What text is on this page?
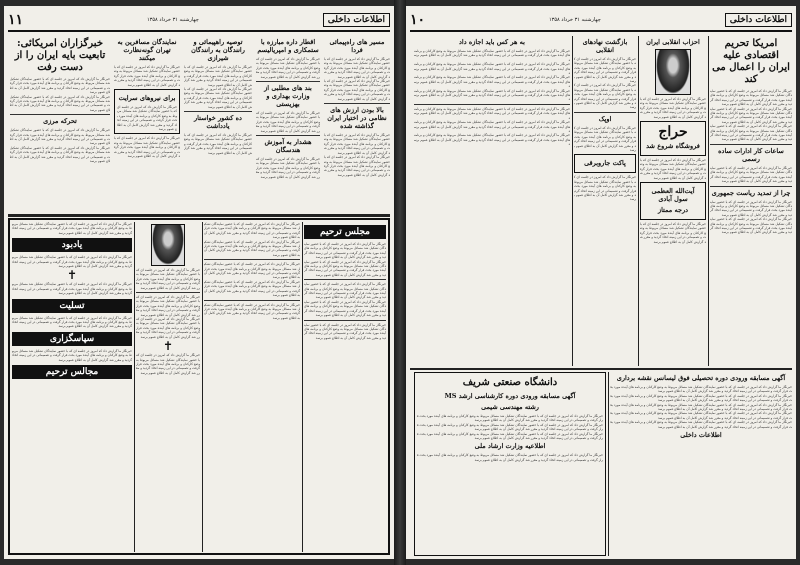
اطلاعات داخلی
چهارشنبه ۳۱ خرداد ۱۳۵۸
۱۱
مسیر های راه‌پیمائی فردا
خبرنگار ما گزارش داد که امروز در جلسه ای که با حضور نمایندگان تشکیل شد مسائل مربوط به وضع کارکنان و برنامه های آینده مورد بحث قرار گرفت و تصمیماتی در این زمینه اتخاذ گردید و مقرر شد گزارش کامل آن به اطلاع عموم برسد
خبرنگار ما گزارش داد که امروز در جلسه ای که با حضور نمایندگان تشکیل شد مسائل مربوط به وضع کارکنان و برنامه های آینده مورد بحث قرار گرفت و تصمیماتی در این زمینه اتخاذ گردید و مقرر شد گزارش کامل آن به اطلاع عموم برسد
بالا بودن ارزش های نظامی در اختیار ایران گذاشته شده
خبرنگار ما گزارش داد که امروز در جلسه ای که با حضور نمایندگان تشکیل شد مسائل مربوط به وضع کارکنان و برنامه های آینده مورد بحث قرار گرفت و تصمیماتی در این زمینه اتخاذ گردید و مقرر شد گزارش کامل آن به اطلاع عموم برسد
خبرنگار ما گزارش داد که امروز در جلسه ای که با حضور نمایندگان تشکیل شد مسائل مربوط به وضع کارکنان و برنامه های آینده مورد بحث قرار گرفت و تصمیماتی در این زمینه اتخاذ گردید و مقرر شد گزارش کامل آن به اطلاع عموم برسد
اقطار داره مبارزه با ستمکارى و امپریالیسم
خبرنگار ما گزارش داد که امروز در جلسه ای که با حضور نمایندگان تشکیل شد مسائل مربوط به وضع کارکنان و برنامه های آینده مورد بحث قرار گرفت و تصمیماتی در این زمینه اتخاذ گردید و مقرر شد گزارش کامل آن به اطلاع عموم برسد
بند های مطلبی از وزارت بهداری و بهزیستی
خبرنگار ما گزارش داد که امروز در جلسه ای که با حضور نمایندگان تشکیل شد مسائل مربوط به وضع کارکنان و برنامه های آینده مورد بحث قرار گرفت و تصمیماتی در این زمینه اتخاذ گردید و مقرر شد گزارش کامل آن به اطلاع عموم برسد
هشدار به آموزش هندسگان
خبرنگار ما گزارش داد که امروز در جلسه ای که با حضور نمایندگان تشکیل شد مسائل مربوط به وضع کارکنان و برنامه های آینده مورد بحث قرار گرفت و تصمیماتی در این زمینه اتخاذ گردید و مقرر شد گزارش کامل آن به اطلاع عموم برسد
توصیه راهپیمائی و رانندگان به رانندگان شیرازی
خبرنگار ما گزارش داد که امروز در جلسه ای که با حضور نمایندگان تشکیل شد مسائل مربوط به وضع کارکنان و برنامه های آینده مورد بحث قرار گرفت و تصمیماتی در این زمینه اتخاذ گردید و مقرر شد گزارش کامل آن به اطلاع عموم برسد
خبرنگار ما گزارش داد که امروز در جلسه ای که با حضور نمایندگان تشکیل شد مسائل مربوط به وضع کارکنان و برنامه های آینده مورد بحث قرار گرفت و تصمیماتی در این زمینه اتخاذ گردید و مقرر شد گزارش کامل آن به اطلاع عموم برسد
ده کشور خواستار یادداشت
خبرنگار ما گزارش داد که امروز در جلسه ای که با حضور نمایندگان تشکیل شد مسائل مربوط به وضع کارکنان و برنامه های آینده مورد بحث قرار گرفت و تصمیماتی در این زمینه اتخاذ گردید و مقرر شد گزارش کامل آن به اطلاع عموم برسد
نمایندگان مسافرین به تهران گونه‌نظارت میکنند
خبرنگار ما گزارش داد که امروز در جلسه ای که با حضور نمایندگان تشکیل شد مسائل مربوط به وضع کارکنان و برنامه های آینده مورد بحث قرار گرفت و تصمیماتی در این زمینه اتخاذ گردید و مقرر شد گزارش کامل آن به اطلاع عموم برسد
برای نیروهای سرایت
خبرنگار ما گزارش داد که امروز در جلسه ای که با حضور نمایندگان تشکیل شد مسائل مربوط به وضع کارکنان و برنامه های آینده مورد بحث قرار گرفت و تصمیماتی در این زمینه اتخاذ گردید و مقرر شد گزارش کامل آن به اطلاع عموم برسد
خبرنگار ما گزارش داد که امروز در جلسه ای که با حضور نمایندگان تشکیل شد مسائل مربوط به وضع کارکنان و برنامه های آینده مورد بحث قرار گرفت و تصمیماتی در این زمینه اتخاذ گردید و مقرر شد گزارش کامل آن به اطلاع عموم برسد
خبرگزاران امریکائی: تابعیت بایه ایران را از دست رفت
خبرنگار ما گزارش داد که امروز در جلسه ای که با حضور نمایندگان تشکیل شد مسائل مربوط به وضع کارکنان و برنامه های آینده مورد بحث قرار گرفت و تصمیماتی در این زمینه اتخاذ گردید و مقرر شد گزارش کامل آن به اطلاع عموم برسد
خبرنگار ما گزارش داد که امروز در جلسه ای که با حضور نمایندگان تشکیل شد مسائل مربوط به وضع کارکنان و برنامه های آینده مورد بحث قرار گرفت و تصمیماتی در این زمینه اتخاذ گردید و مقرر شد گزارش کامل آن به اطلاع عموم برسد
تحرکه مرزی
خبرنگار ما گزارش داد که امروز در جلسه ای که با حضور نمایندگان تشکیل شد مسائل مربوط به وضع کارکنان و برنامه های آینده مورد بحث قرار گرفت و تصمیماتی در این زمینه اتخاذ گردید و مقرر شد گزارش کامل آن به اطلاع عموم برسد
خبرنگار ما گزارش داد که امروز در جلسه ای که با حضور نمایندگان تشکیل شد مسائل مربوط به وضع کارکنان و برنامه های آینده مورد بحث قرار گرفت و تصمیماتی در این زمینه اتخاذ گردید و مقرر شد گزارش کامل آن به اطلاع عموم برسد
مجلس ترحیم
خبرنگار ما گزارش داد که امروز در جلسه ای که با حضور نمایندگان تشکیل شد مسائل مربوط به وضع کارکنان و برنامه های آینده مورد بحث قرار گرفت و تصمیماتی در این زمینه اتخاذ گردید و مقرر شد گزارش کامل آن به اطلاع عموم برسد
خبرنگار ما گزارش داد که امروز در جلسه ای که با حضور نمایندگان تشکیل شد مسائل مربوط به وضع کارکنان و برنامه های آینده مورد بحث قرار گرفت و تصمیماتی در این زمینه اتخاذ گردید و مقرر شد گزارش کامل آن به اطلاع عموم برسد
خبرنگار ما گزارش داد که امروز در جلسه ای که با حضور نمایندگان تشکیل شد مسائل مربوط به وضع کارکنان و برنامه های آینده مورد بحث قرار گرفت و تصمیماتی در این زمینه اتخاذ گردید و مقرر شد گزارش کامل آن به اطلاع عموم برسد
خبرنگار ما گزارش داد که امروز در جلسه ای که با حضور نمایندگان تشکیل شد مسائل مربوط به وضع کارکنان و برنامه های آینده مورد بحث قرار گرفت و تصمیماتی در این زمینه اتخاذ گردید و مقرر شد گزارش کامل آن به اطلاع عموم برسد
خبرنگار ما گزارش داد که امروز در جلسه ای که با حضور نمایندگان تشکیل شد مسائل مربوط به وضع کارکنان و برنامه های آینده مورد بحث قرار گرفت و تصمیماتی در این زمینه اتخاذ گردید و مقرر شد گزارش کامل آن به اطلاع عموم برسد
خبرنگار ما گزارش داد که امروز در جلسه ای که با حضور نمایندگان تشکیل شد مسائل مربوط به وضع کارکنان و برنامه های آینده مورد بحث قرار گرفت و تصمیماتی در این زمینه اتخاذ گردید و مقرر شد گزارش کامل آن به اطلاع عموم برسد
خبرنگار ما گزارش داد که امروز در جلسه ای که با حضور نمایندگان تشکیل شد مسائل مربوط به وضع کارکنان و برنامه های آینده مورد بحث قرار گرفت و تصمیماتی در این زمینه اتخاذ گردید و مقرر شد گزارش کامل آن به اطلاع عموم برسد
خبرنگار ما گزارش داد که امروز در جلسه ای که با حضور نمایندگان تشکیل شد مسائل مربوط به وضع کارکنان و برنامه های آینده مورد بحث قرار گرفت و تصمیماتی در این زمینه اتخاذ گردید و مقرر شد گزارش کامل آن به اطلاع عموم برسد
خبرنگار ما گزارش داد که امروز در جلسه ای که با حضور نمایندگان تشکیل شد مسائل مربوط به وضع کارکنان و برنامه های آینده مورد بحث قرار گرفت و تصمیماتی در این زمینه اتخاذ گردید و مقرر شد گزارش کامل آن به اطلاع عموم برسد
خبرنگار ما گزارش داد که امروز در جلسه ای که با حضور نمایندگان تشکیل شد مسائل مربوط به وضع کارکنان و برنامه های آینده مورد بحث قرار گرفت و تصمیماتی در این زمینه اتخاذ گردید و مقرر شد گزارش کامل آن به اطلاع عموم برسد
خبرنگار ما گزارش داد که امروز در جلسه ای که با حضور نمایندگان تشکیل شد مسائل مربوط به وضع کارکنان و برنامه های آینده مورد بحث قرار گرفت و تصمیماتی در این زمینه اتخاذ گردید و مقرر شد گزارش کامل آن به اطلاع عموم برسد
خبرنگار ما گزارش داد که امروز در جلسه ای که با حضور نمایندگان تشکیل شد مسائل مربوط به وضع کارکنان و برنامه های آینده مورد بحث قرار گرفت و تصمیماتی در این زمینه اتخاذ گردید و مقرر شد گزارش کامل آن به اطلاع عموم برسد
خبرنگار ما گزارش داد که امروز در جلسه ای که با حضور نمایندگان تشکیل شد مسائل مربوط به وضع کارکنان و برنامه های آینده مورد بحث قرار گرفت و تصمیماتی در این زمینه اتخاذ گردید و مقرر شد گزارش کامل آن به اطلاع عموم برسد
✝
خبرنگار ما گزارش داد که امروز در جلسه ای که با حضور نمایندگان تشکیل شد مسائل مربوط به وضع کارکنان و برنامه های آینده مورد بحث قرار گرفت و تصمیماتی در این زمینه اتخاذ گردید و مقرر شد گزارش کامل آن به اطلاع عموم برسد
خبرنگار ما گزارش داد که امروز در جلسه ای که با حضور نمایندگان تشکیل شد مسائل مربوط به وضع کارکنان و برنامه های آینده مورد بحث قرار گرفت و تصمیماتی در این زمینه اتخاذ گردید و مقرر شد گزارش کامل آن به اطلاع عموم برسد
یادبود
خبرنگار ما گزارش داد که امروز در جلسه ای که با حضور نمایندگان تشکیل شد مسائل مربوط به وضع کارکنان و برنامه های آینده مورد بحث قرار گرفت و تصمیماتی در این زمینه اتخاذ گردید و مقرر شد گزارش کامل آن به اطلاع عموم برسد
✝
خبرنگار ما گزارش داد که امروز در جلسه ای که با حضور نمایندگان تشکیل شد مسائل مربوط به وضع کارکنان و برنامه های آینده مورد بحث قرار گرفت و تصمیماتی در این زمینه اتخاذ گردید و مقرر شد گزارش کامل آن به اطلاع عموم برسد
تسلیت
خبرنگار ما گزارش داد که امروز در جلسه ای که با حضور نمایندگان تشکیل شد مسائل مربوط به وضع کارکنان و برنامه های آینده مورد بحث قرار گرفت و تصمیماتی در این زمینه اتخاذ گردید و مقرر شد گزارش کامل آن به اطلاع عموم برسد
سپاسگزاری
خبرنگار ما گزارش داد که امروز در جلسه ای که با حضور نمایندگان تشکیل شد مسائل مربوط به وضع کارکنان و برنامه های آینده مورد بحث قرار گرفت و تصمیماتی در این زمینه اتخاذ گردید و مقرر شد گزارش کامل آن به اطلاع عموم برسد
مجالس ترحیم
اطلاعات داخلی
چهارشنبه ۳۱ خرداد ۱۳۵۸
۱۰
امریکا تحریم اقتصادی علیه ایران را اعمال می کند
خبرنگار ما گزارش داد که امروز در جلسه ای که با حضور نمایندگان تشکیل شد مسائل مربوط به وضع کارکنان و برنامه های آینده مورد بحث قرار گرفت و تصمیماتی در این زمینه اتخاذ گردید و مقرر شد گزارش کامل آن به اطلاع عموم برسد
خبرنگار ما گزارش داد که امروز در جلسه ای که با حضور نمایندگان تشکیل شد مسائل مربوط به وضع کارکنان و برنامه های آینده مورد بحث قرار گرفت و تصمیماتی در این زمینه اتخاذ گردید و مقرر شد گزارش کامل آن به اطلاع عموم برسد
خبرنگار ما گزارش داد که امروز در جلسه ای که با حضور نمایندگان تشکیل شد مسائل مربوط به وضع کارکنان و برنامه های آینده مورد بحث قرار گرفت و تصمیماتی در این زمینه اتخاذ گردید و مقرر شد گزارش کامل آن به اطلاع عموم برسد
ساعات کار ادارات ساده رسمی
خبرنگار ما گزارش داد که امروز در جلسه ای که با حضور نمایندگان تشکیل شد مسائل مربوط به وضع کارکنان و برنامه های آینده مورد بحث قرار گرفت و تصمیماتی در این زمینه اتخاذ گردید و مقرر شد گزارش کامل آن به اطلاع عموم برسد
چرا از تمدید ریاست جمهوری
خبرنگار ما گزارش داد که امروز در جلسه ای که با حضور نمایندگان تشکیل شد مسائل مربوط به وضع کارکنان و برنامه های آینده مورد بحث قرار گرفت و تصمیماتی در این زمینه اتخاذ گردید و مقرر شد گزارش کامل آن به اطلاع عموم برسد
خبرنگار ما گزارش داد که امروز در جلسه ای که با حضور نمایندگان تشکیل شد مسائل مربوط به وضع کارکنان و برنامه های آینده مورد بحث قرار گرفت و تصمیماتی در این زمینه اتخاذ گردید و مقرر شد گزارش کامل آن به اطلاع عموم برسد
احزاب انقلابی ایران
خبرنگار ما گزارش داد که امروز در جلسه ای که با حضور نمایندگان تشکیل شد مسائل مربوط به وضع کارکنان و برنامه های آینده مورد بحث قرار گرفت و تصمیماتی در این زمینه اتخاذ گردید و مقرر شد گزارش کامل آن به اطلاع عموم برسد
حراج
فروشگاه شروع شد
خبرنگار ما گزارش داد که امروز در جلسه ای که با حضور نمایندگان تشکیل شد مسائل مربوط به وضع کارکنان و برنامه های آینده مورد بحث قرار گرفت و تصمیماتی در این زمینه اتخاذ گردید و مقرر شد گزارش کامل آن به اطلاع عموم برسد
آیت‌الله العظمی سول آبادی
درجه ممتاز
خبرنگار ما گزارش داد که امروز در جلسه ای که با حضور نمایندگان تشکیل شد مسائل مربوط به وضع کارکنان و برنامه های آینده مورد بحث قرار گرفت و تصمیماتی در این زمینه اتخاذ گردید و مقرر شد گزارش کامل آن به اطلاع عموم برسد
بازگشت نهادهای انقلابی
خبرنگار ما گزارش داد که امروز در جلسه ای که با حضور نمایندگان تشکیل شد مسائل مربوط به وضع کارکنان و برنامه های آینده مورد بحث قرار گرفت و تصمیماتی در این زمینه اتخاذ گردید و مقرر شد گزارش کامل آن به اطلاع عموم برسد
خبرنگار ما گزارش داد که امروز در جلسه ای که با حضور نمایندگان تشکیل شد مسائل مربوط به وضع کارکنان و برنامه های آینده مورد بحث قرار گرفت و تصمیماتی در این زمینه اتخاذ گردید و مقرر شد گزارش کامل آن به اطلاع عموم برسد
اوپک
خبرنگار ما گزارش داد که امروز در جلسه ای که با حضور نمایندگان تشکیل شد مسائل مربوط به وضع کارکنان و برنامه های آینده مورد بحث قرار گرفت و تصمیماتی در این زمینه اتخاذ گردید و مقرر شد گزارش کامل آن به اطلاع عموم برسد
پاکت جاروبرقی
خبرنگار ما گزارش داد که امروز در جلسه ای که با حضور نمایندگان تشکیل شد مسائل مربوط به وضع کارکنان و برنامه های آینده مورد بحث قرار گرفت و تصمیماتی در این زمینه اتخاذ گردید و مقرر شد گزارش کامل آن به اطلاع عموم برسد
به هر کس باید اجازه داد
خبرنگار ما گزارش داد که امروز در جلسه ای که با حضور نمایندگان تشکیل شد مسائل مربوط به وضع کارکنان و برنامه های آینده مورد بحث قرار گرفت و تصمیماتی در این زمینه اتخاذ گردید و مقرر شد گزارش کامل آن به اطلاع عموم برسد
خبرنگار ما گزارش داد که امروز در جلسه ای که با حضور نمایندگان تشکیل شد مسائل مربوط به وضع کارکنان و برنامه های آینده مورد بحث قرار گرفت و تصمیماتی در این زمینه اتخاذ گردید و مقرر شد گزارش کامل آن به اطلاع عموم برسد
خبرنگار ما گزارش داد که امروز در جلسه ای که با حضور نمایندگان تشکیل شد مسائل مربوط به وضع کارکنان و برنامه های آینده مورد بحث قرار گرفت و تصمیماتی در این زمینه اتخاذ گردید و مقرر شد گزارش کامل آن به اطلاع عموم برسد
خبرنگار ما گزارش داد که امروز در جلسه ای که با حضور نمایندگان تشکیل شد مسائل مربوط به وضع کارکنان و برنامه های آینده مورد بحث قرار گرفت و تصمیماتی در این زمینه اتخاذ گردید و مقرر شد گزارش کامل آن به اطلاع عموم برسد
خبرنگار ما گزارش داد که امروز در جلسه ای که با حضور نمایندگان تشکیل شد مسائل مربوط به وضع کارکنان و برنامه های آینده مورد بحث قرار گرفت و تصمیماتی در این زمینه اتخاذ گردید و مقرر شد گزارش کامل آن به اطلاع عموم برسد
خبرنگار ما گزارش داد که امروز در جلسه ای که با حضور نمایندگان تشکیل شد مسائل مربوط به وضع کارکنان و برنامه های آینده مورد بحث قرار گرفت و تصمیماتی در این زمینه اتخاذ گردید و مقرر شد گزارش کامل آن به اطلاع عموم برسد
خبرنگار ما گزارش داد که امروز در جلسه ای که با حضور نمایندگان تشکیل شد مسائل مربوط به وضع کارکنان و برنامه های آینده مورد بحث قرار گرفت و تصمیماتی در این زمینه اتخاذ گردید و مقرر شد گزارش کامل آن به اطلاع عموم برسد
آگهی مسابقه ورودی دوره تحصیلی فوق لیسانس نقشه برداری
خبرنگار ما گزارش داد که امروز در جلسه ای که با حضور نمایندگان تشکیل شد مسائل مربوط به وضع کارکنان و برنامه های آینده مورد بحث قرار گرفت و تصمیماتی در این زمینه اتخاذ گردید و مقرر شد گزارش کامل آن به اطلاع عموم برسد
خبرنگار ما گزارش داد که امروز در جلسه ای که با حضور نمایندگان تشکیل شد مسائل مربوط به وضع کارکنان و برنامه های آینده مورد بحث قرار گرفت و تصمیماتی در این زمینه اتخاذ گردید و مقرر شد گزارش کامل آن به اطلاع عموم برسد
خبرنگار ما گزارش داد که امروز در جلسه ای که با حضور نمایندگان تشکیل شد مسائل مربوط به وضع کارکنان و برنامه های آینده مورد بحث قرار گرفت و تصمیماتی در این زمینه اتخاذ گردید و مقرر شد گزارش کامل آن به اطلاع عموم برسد
خبرنگار ما گزارش داد که امروز در جلسه ای که با حضور نمایندگان تشکیل شد مسائل مربوط به وضع کارکنان و برنامه های آینده مورد بحث قرار گرفت و تصمیماتی در این زمینه اتخاذ گردید و مقرر شد گزارش کامل آن به اطلاع عموم برسد
خبرنگار ما گزارش داد که امروز در جلسه ای که با حضور نمایندگان تشکیل شد مسائل مربوط به وضع کارکنان و برنامه های آینده مورد بحث قرار گرفت و تصمیماتی در این زمینه اتخاذ گردید و مقرر شد گزارش کامل آن به اطلاع عموم برسد
اطلاعات داخلی
دانشگاه صنعتی شریف
آگهی مسابقه ورودی دوره کارشناسی ارشد MS
رشته مهندسی شیمی
خبرنگار ما گزارش داد که امروز در جلسه ای که با حضور نمایندگان تشکیل شد مسائل مربوط به وضع کارکنان و برنامه های آینده مورد بحث قرار گرفت و تصمیماتی در این زمینه اتخاذ گردید و مقرر شد گزارش کامل آن به اطلاع عموم برسد
خبرنگار ما گزارش داد که امروز در جلسه ای که با حضور نمایندگان تشکیل شد مسائل مربوط به وضع کارکنان و برنامه های آینده مورد بحث قرار گرفت و تصمیماتی در این زمینه اتخاذ گردید و مقرر شد گزارش کامل آن به اطلاع عموم برسد
خبرنگار ما گزارش داد که امروز در جلسه ای که با حضور نمایندگان تشکیل شد مسائل مربوط به وضع کارکنان و برنامه های آینده مورد بحث قرار گرفت و تصمیماتی در این زمینه اتخاذ گردید و مقرر شد گزارش کامل آن به اطلاع عموم برسد
اطلاعیه وزارت ارشاد ملی
خبرنگار ما گزارش داد که امروز در جلسه ای که با حضور نمایندگان تشکیل شد مسائل مربوط به وضع کارکنان و برنامه های آینده مورد بحث قرار گرفت و تصمیماتی در این زمینه اتخاذ گردید و مقرر شد گزارش کامل آن به اطلاع عموم برسد
